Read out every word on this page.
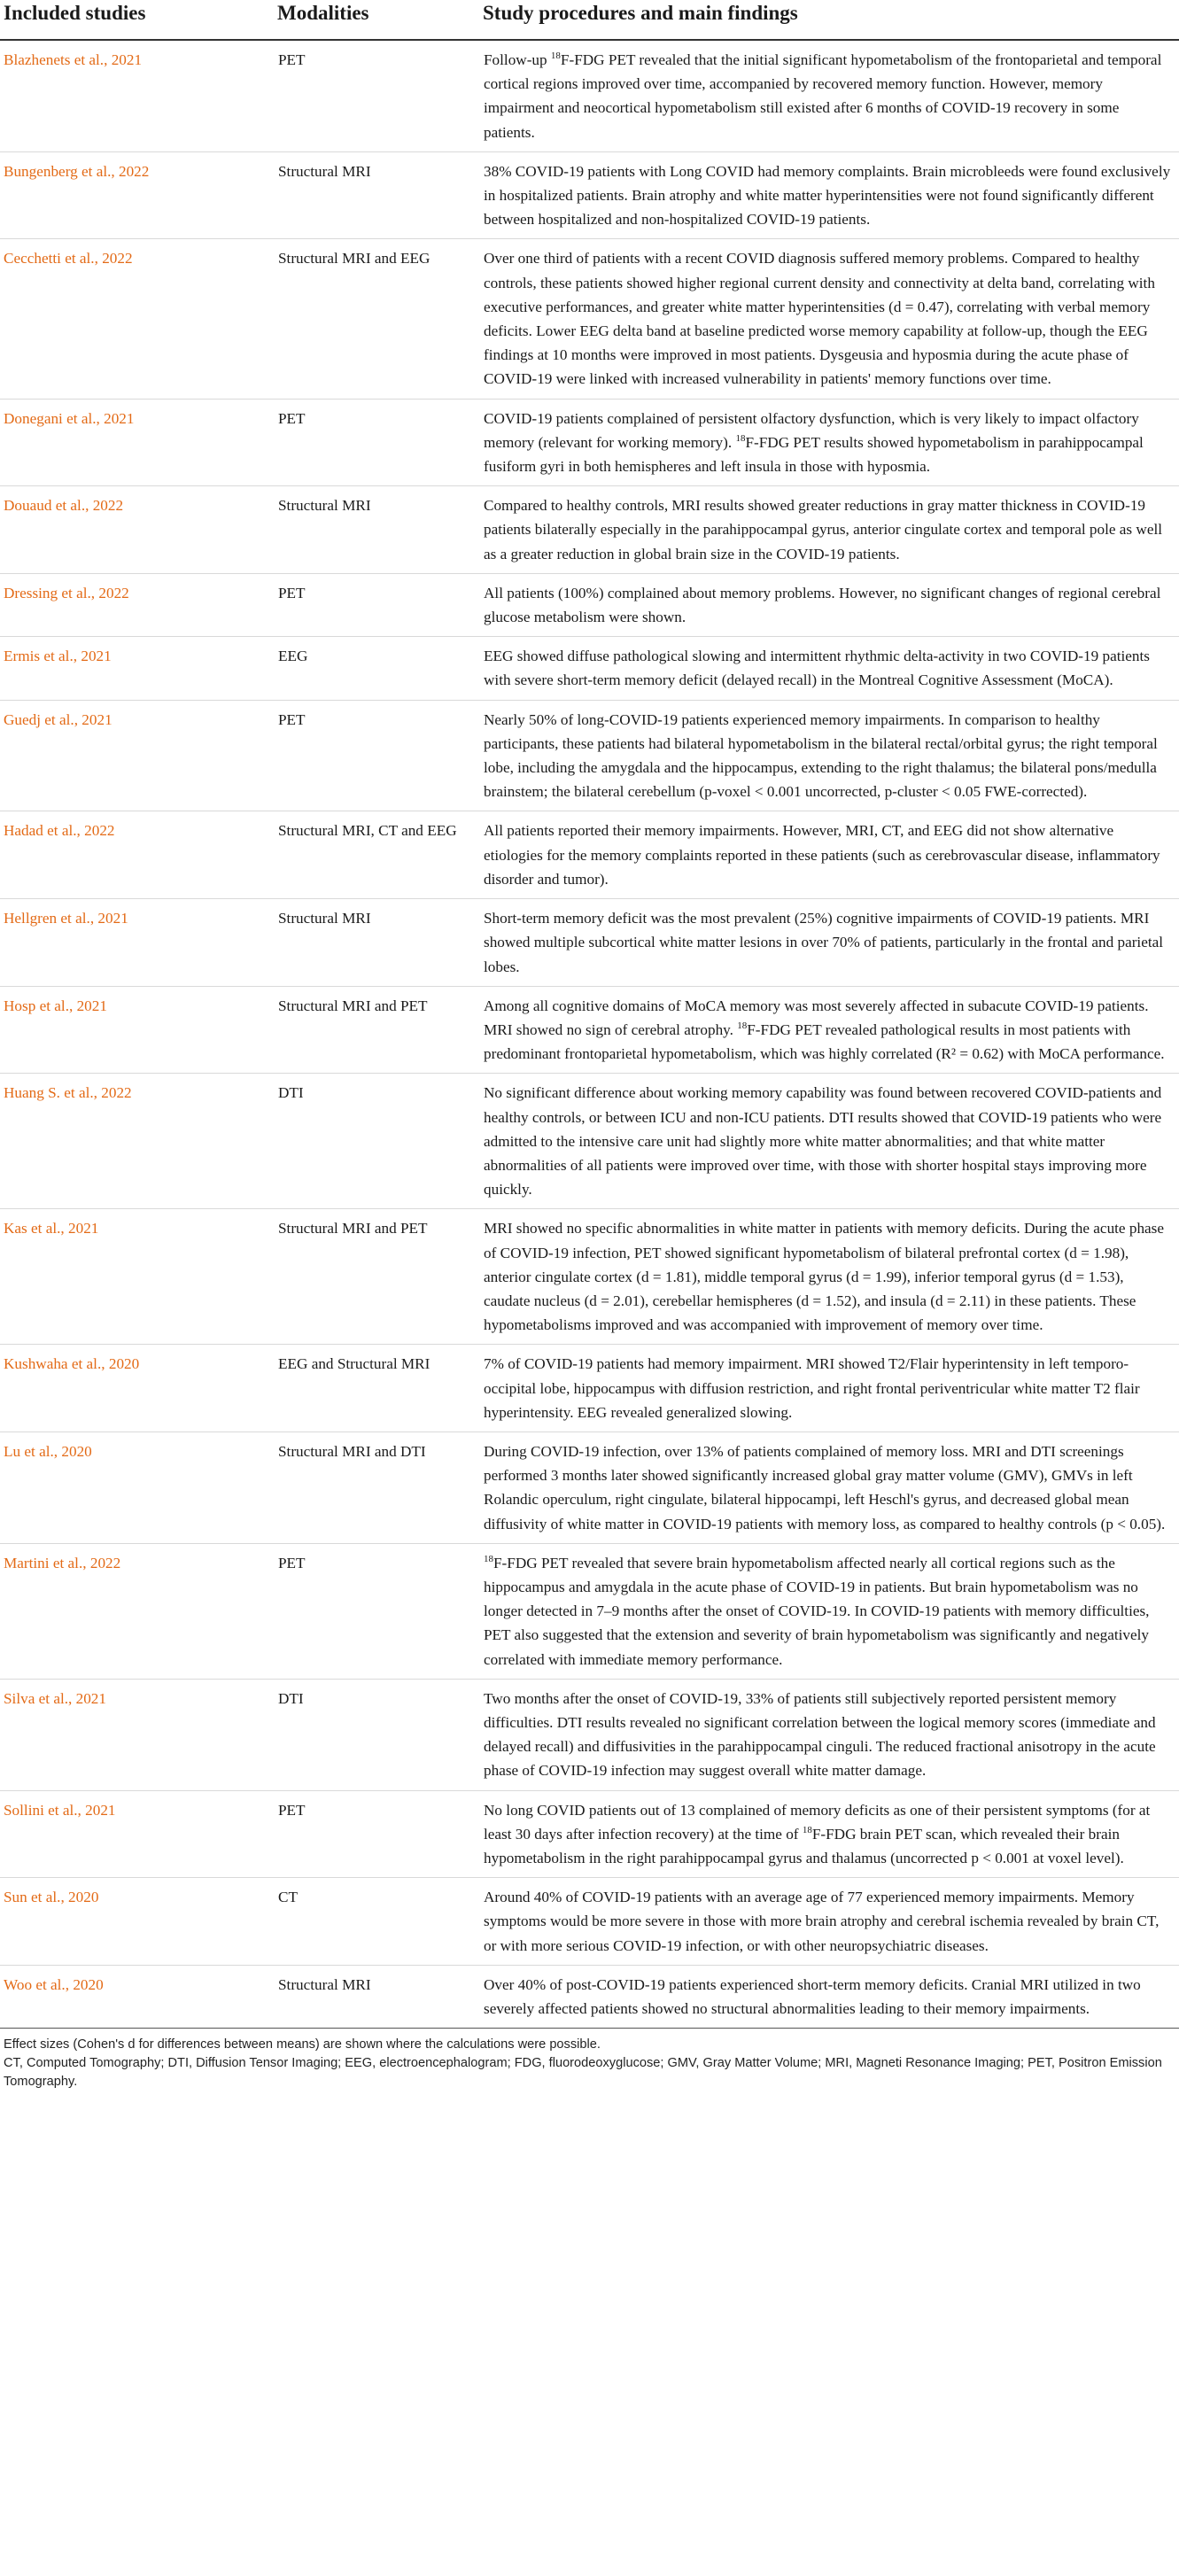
Included studies	Modalities	Study procedures and main findings
Blazhenets et al., 2021	PET	Follow-up $^{18}$F-FDG PET revealed that the initial significant hypometabolism of the frontoparietal and temporal cortical regions improved over time, accompanied by recovered memory function. However, memory impairment and neocortical hypometabolism still existed after 6 months of COVID-19 recovery in some patients.
Bungenberg et al., 2022	Structural MRI	38% COVID-19 patients with Long COVID had memory complaints. Brain microbleeds were found exclusively in hospitalized patients. Brain atrophy and white matter hyperintensities were not found significantly different between hospitalized and non-hospitalized COVID-19 patients.
Cecchetti et al., 2022	Structural MRI and EEG	Over one third of patients with a recent COVID diagnosis suffered memory problems. Compared to healthy controls, these patients showed higher regional current density and connectivity at delta band, correlating with executive performances, and greater white matter hyperintensities (d = 0.47), correlating with verbal memory deficits. Lower EEG delta band at baseline predicted worse memory capability at follow-up, though the EEG findings at 10 months were improved in most patients. Dysgeusia and hyposmia during the acute phase of COVID-19 were linked with increased vulnerability in patients' memory functions over time.
Donegani et al., 2021	PET	COVID-19 patients complained of persistent olfactory dysfunction, which is very likely to impact olfactory memory (relevant for working memory). $^{18}$F-FDG PET results showed hypometabolism in parahippocampal fusiform gyri in both hemispheres and left insula in those with hyposmia.
Douaud et al., 2022	Structural MRI	Compared to healthy controls, MRI results showed greater reductions in gray matter thickness in COVID-19 patients bilaterally especially in the parahippocampal gyrus, anterior cingulate cortex and temporal pole as well as a greater reduction in global brain size in the COVID-19 patients.
Dressing et al., 2022	PET	All patients (100%) complained about memory problems. However, no significant changes of regional cerebral glucose metabolism were shown.
Ermis et al., 2021	EEG	EEG showed diffuse pathological slowing and intermittent rhythmic delta-activity in two COVID-19 patients with severe short-term memory deficit (delayed recall) in the Montreal Cognitive Assessment (MoCA).
Guedj et al., 2021	PET	Nearly 50% of long-COVID-19 patients experienced memory impairments. In comparison to healthy participants, these patients had bilateral hypometabolism in the bilateral rectal/orbital gyrus; the right temporal lobe, including the amygdala and the hippocampus, extending to the right thalamus; the bilateral pons/medulla brainstem; the bilateral cerebellum (p-voxel < 0.001 uncorrected, p-cluster < 0.05 FWE-corrected).
Hadad et al., 2022	Structural MRI, CT and EEG	All patients reported their memory impairments. However, MRI, CT, and EEG did not show alternative etiologies for the memory complaints reported in these patients (such as cerebrovascular disease, inflammatory disorder and tumor).
Hellgren et al., 2021	Structural MRI	Short-term memory deficit was the most prevalent (25%) cognitive impairments of COVID-19 patients. MRI showed multiple subcortical white matter lesions in over 70% of patients, particularly in the frontal and parietal lobes.
Hosp et al., 2021	Structural MRI and PET	Among all cognitive domains of MoCA memory was most severely affected in subacute COVID-19 patients. MRI showed no sign of cerebral atrophy. $^{18}$F-FDG PET revealed pathological results in most patients with predominant frontoparietal hypometabolism, which was highly correlated (R² = 0.62) with MoCA performance.
Huang S. et al., 2022	DTI	No significant difference about working memory capability was found between recovered COVID-patients and healthy controls, or between ICU and non-ICU patients. DTI results showed that COVID-19 patients who were admitted to the intensive care unit had slightly more white matter abnormalities; and that white matter abnormalities of all patients were improved over time, with those with shorter hospital stays improving more quickly.
Kas et al., 2021	Structural MRI and PET	MRI showed no specific abnormalities in white matter in patients with memory deficits. During the acute phase of COVID-19 infection, PET showed significant hypometabolism of bilateral prefrontal cortex (d = 1.98), anterior cingulate cortex (d = 1.81), middle temporal gyrus (d = 1.99), inferior temporal gyrus (d = 1.53), caudate nucleus (d = 2.01), cerebellar hemispheres (d = 1.52), and insula (d = 2.11) in these patients. These hypometabolisms improved and was accompanied with improvement of memory over time.
Kushwaha et al., 2020	EEG and Structural MRI	7% of COVID-19 patients had memory impairment. MRI showed T2/Flair hyperintensity in left temporo-occipital lobe, hippocampus with diffusion restriction, and right frontal periventricular white matter T2 flair hyperintensity. EEG revealed generalized slowing.
Lu et al., 2020	Structural MRI and DTI	During COVID-19 infection, over 13% of patients complained of memory loss. MRI and DTI screenings performed 3 months later showed significantly increased global gray matter volume (GMV), GMVs in left Rolandic operculum, right cingulate, bilateral hippocampi, left Heschl's gyrus, and decreased global mean diffusivity of white matter in COVID-19 patients with memory loss, as compared to healthy controls (p < 0.05).
Martini et al., 2022	PET	$^{18}$F-FDG PET revealed that severe brain hypometabolism affected nearly all cortical regions such as the hippocampus and amygdala in the acute phase of COVID-19 in patients. But brain hypometabolism was no longer detected in 7–9 months after the onset of COVID-19. In COVID-19 patients with memory difficulties, PET also suggested that the extension and severity of brain hypometabolism was significantly and negatively correlated with immediate memory performance.
Silva et al., 2021	DTI	Two months after the onset of COVID-19, 33% of patients still subjectively reported persistent memory difficulties. DTI results revealed no significant correlation between the logical memory scores (immediate and delayed recall) and diffusivities in the parahippocampal cinguli. The reduced fractional anisotropy in the acute phase of COVID-19 infection may suggest overall white matter damage.
Sollini et al., 2021	PET	No long COVID patients out of 13 complained of memory deficits as one of their persistent symptoms (for at least 30 days after infection recovery) at the time of $^{18}$F-FDG brain PET scan, which revealed their brain hypometabolism in the right parahippocampal gyrus and thalamus (uncorrected p < 0.001 at voxel level).
Sun et al., 2020	CT	Around 40% of COVID-19 patients with an average age of 77 experienced memory impairments. Memory symptoms would be more severe in those with more brain atrophy and cerebral ischemia revealed by brain CT, or with more serious COVID-19 infection, or with other neuropsychiatric diseases.
Woo et al., 2020	Structural MRI	Over 40% of post-COVID-19 patients experienced short-term memory deficits. Cranial MRI utilized in two severely affected patients showed no structural abnormalities leading to their memory impairments.
Effect sizes (Cohen's d for differences between means) are shown where the calculations were possible.
CT, Computed Tomography; DTI, Diffusion Tensor Imaging; EEG, electroencephalogram; FDG, fluorodeoxyglucose; GMV, Gray Matter Volume; MRI, Magneti Resonance Imaging; PET, Positron Emission Tomography.
